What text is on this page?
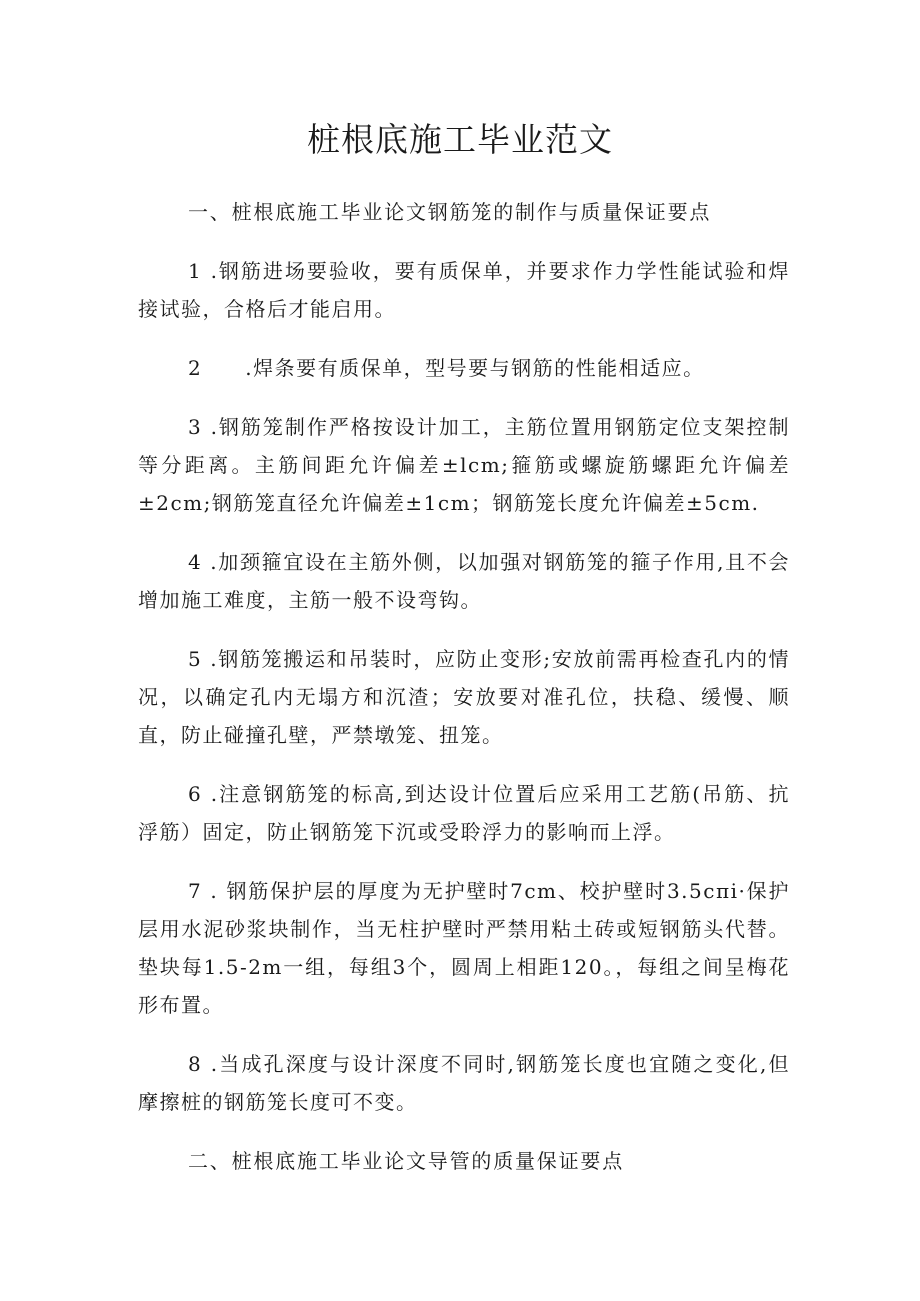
桩根底施工毕业范文

一、桩根底施工毕业论文钢筋笼的制作与质量保证要点

1 .钢筋进场要验收，要有质保单，并要求作力学性能试验和焊接试验，合格后才能启用。

2　　.焊条要有质保单，型号要与钢筋的性能相适应。

3 .钢筋笼制作严格按设计加工，主筋位置用钢筋定位支架控制等分距离。主筋间距允许偏差±lcm;箍筋或螺旋筋螺距允许偏差±2cm;钢筋笼直径允许偏差±1cm；钢筋笼长度允许偏差±5cm.

4 .加颈箍宜设在主筋外侧，以加强对钢筋笼的箍子作用,且不会增加施工难度，主筋一般不设弯钩。

5 .钢筋笼搬运和吊装时，应防止变形;安放前需再检查孔内的情况，以确定孔内无塌方和沉渣；安放要对准孔位，扶稳、缓慢、顺直，防止碰撞孔壁，严禁墩笼、扭笼。

6 .注意钢筋笼的标高,到达设计位置后应采用工艺筋(吊筋、抗浮筋）固定，防止钢筋笼下沉或受聆浮力的影响而上浮。

7 . 钢筋保护层的厚度为无护壁时7cm、校护壁时3.5cπi·保护层用水泥砂浆块制作，当无柱护壁时严禁用粘土砖或短钢筋头代替。垫块每1.5-2m一组，每组3个，圆周上相距120。，每组之间呈梅花形布置。

8 .当成孔深度与设计深度不同时,钢筋笼长度也宜随之变化,但摩擦桩的钢筋笼长度可不变。

二、桩根底施工毕业论文导管的质量保证要点
